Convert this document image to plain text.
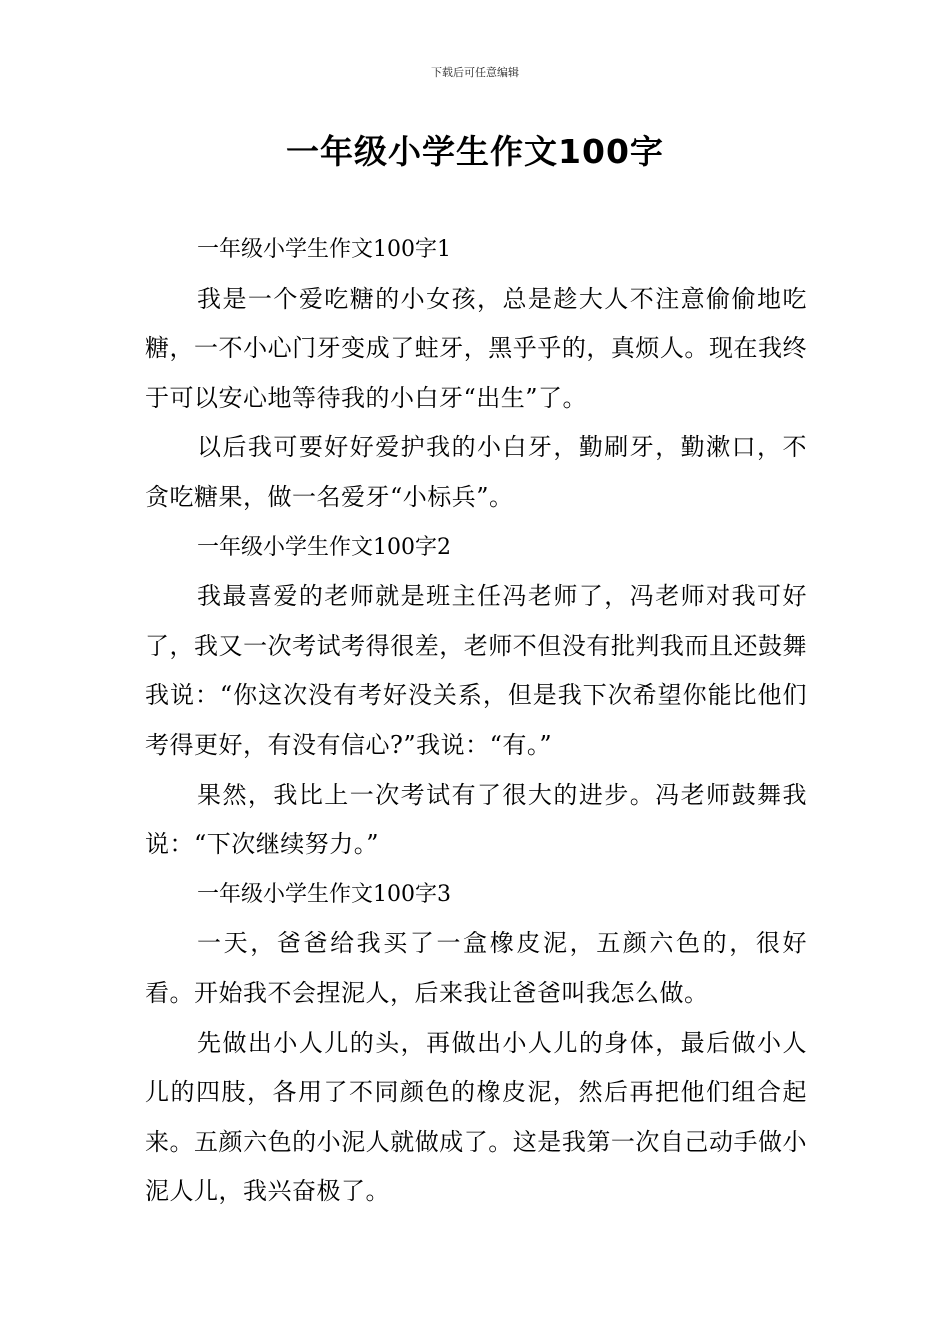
下载后可任意编辑
一年级小学生作文100字

一年级小学生作文100字1

我是一个爱吃糖的小女孩，总是趁大人不注意偷偷地吃糖，一不小心门牙变成了蛀牙，黑乎乎的，真烦人。现在我终于可以安心地等待我的小白牙“出生”了。

以后我可要好好爱护我的小白牙，勤刷牙，勤漱口，不贪吃糖果，做一名爱牙“小标兵”。

一年级小学生作文100字2

我最喜爱的老师就是班主任冯老师了，冯老师对我可好了，我又一次考试考得很差，老师不但没有批判我而且还鼓舞我说：“你这次没有考好没关系，但是我下次希望你能比他们考得更好，有没有信心?”我说：“有。”

果然，我比上一次考试有了很大的进步。冯老师鼓舞我说：“下次继续努力。”

一年级小学生作文100字3

一天，爸爸给我买了一盒橡皮泥，五颜六色的，很好看。开始我不会捏泥人，后来我让爸爸叫我怎么做。

先做出小人儿的头，再做出小人儿的身体，最后做小人儿的四肢，各用了不同颜色的橡皮泥，然后再把他们组合起来。五颜六色的小泥人就做成了。这是我第一次自己动手做小泥人儿，我兴奋极了。
